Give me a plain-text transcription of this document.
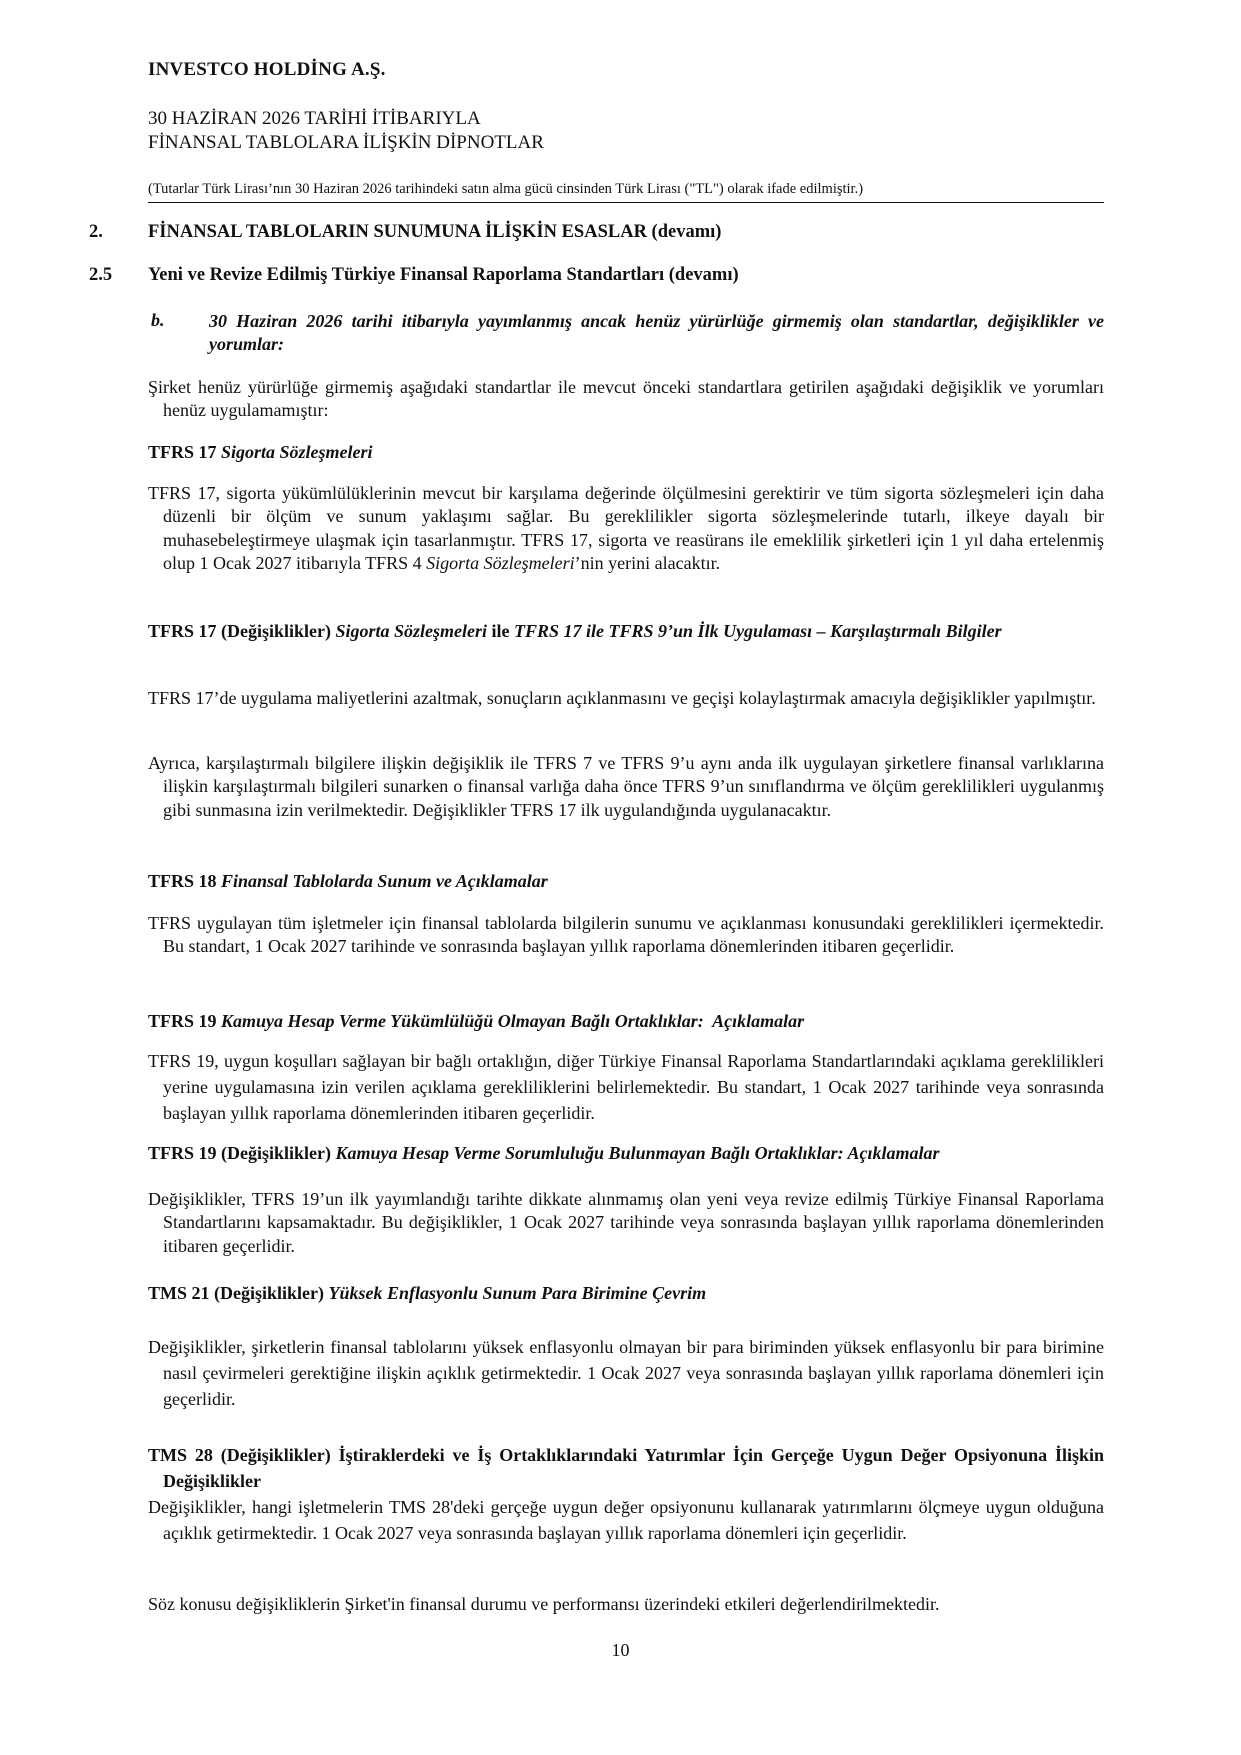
INVESTCO HOLDİNG A.Ş.
30 HAZİRAN 2026 TARİHİ İTİBARIYLA
FİNANSAL TABLOLARA İLİŞKİN DİPNOTLAR
(Tutarlar Türk Lirası’nın 30 Haziran 2026 tarihindeki satın alma gücü cinsinden Türk Lirası ("TL") olarak ifade edilmiştir.)
2. FİNANSAL TABLOLARIN SUNUMUNA İLİŞKİN ESASLAR (devamı)
2.5 Yeni ve Revize Edilmiş Türkiye Finansal Raporlama Standartları (devamı)
b. 30 Haziran 2026 tarihi itibarıyla yayımlanmış ancak henüz yürürlüğe girmemiş olan standartlar, değişiklikler ve yorumlar:
Şirket henüz yürürlüğe girmemiş aşağıdaki standartlar ile mevcut önceki standartlara getirilen aşağıdaki değişiklik ve yorumları henüz uygulamamıştır:
TFRS 17 Sigorta Sözleşmeleri
TFRS 17, sigorta yükümlülüklerinin mevcut bir karşılama değerinde ölçülmesini gerektirir ve tüm sigorta sözleşmeleri için daha düzenli bir ölçüm ve sunum yaklaşımı sağlar. Bu gereklilikler sigorta sözleşmelerinde tutarlı, ilkeye dayalı bir muhasebeleştirmeye ulaşmak için tasarlanmıştır. TFRS 17, sigorta ve reasürans ile emeklilik şirketleri için 1 yıl daha ertelenmiş olup 1 Ocak 2027 itibarıyla TFRS 4 Sigorta Sözleşmeleri’nin yerini alacaktır.
TFRS 17 (Değişiklikler) Sigorta Sözleşmeleri ile TFRS 17 ile TFRS 9’un İlk Uygulaması – Karşılaştırmalı Bilgiler
TFRS 17’de uygulama maliyetlerini azaltmak, sonuçların açıklanmasını ve geçişi kolaylaştırmak amacıyla değişiklikler yapılmıştır.
Ayrıca, karşılaştırmalı bilgilere ilişkin değişiklik ile TFRS 7 ve TFRS 9’u aynı anda ilk uygulayan şirketlere finansal varlıklarına ilişkin karşılaştırmalı bilgileri sunarken o finansal varlığa daha önce TFRS 9’un sınıflandırma ve ölçüm gereklilikleri uygulanmış gibi sunmasına izin verilmektedir. Değişiklikler TFRS 17 ilk uygulandığında uygulanacaktır.
TFRS 18 Finansal Tablolarda Sunum ve Açıklamalar
TFRS uygulayan tüm işletmeler için finansal tablolarda bilgilerin sunumu ve açıklanması konusundaki gereklilikleri içermektedir. Bu standart, 1 Ocak 2027 tarihinde ve sonrasında başlayan yıllık raporlama dönemlerinden itibaren geçerlidir.
TFRS 19 Kamuya Hesap Verme Yükümlülüğü Olmayan Bağlı Ortaklıklar:  Açıklamalar
TFRS 19, uygun koşulları sağlayan bir bağlı ortaklığın, diğer Türkiye Finansal Raporlama Standartlarındaki açıklama gereklilikleri yerine uygulamasına izin verilen açıklama gerekliliklerini belirlemektedir. Bu standart, 1 Ocak 2027 tarihinde veya sonrasında başlayan yıllık raporlama dönemlerinden itibaren geçerlidir.
TFRS 19 (Değişiklikler) Kamuya Hesap Verme Sorumluluğu Bulunmayan Bağlı Ortaklıklar: Açıklamalar
Değişiklikler, TFRS 19’un ilk yayımlandığı tarihte dikkate alınmamış olan yeni veya revize edilmiş Türkiye Finansal Raporlama Standartlarını kapsamaktadır. Bu değişiklikler, 1 Ocak 2027 tarihinde veya sonrasında başlayan yıllık raporlama dönemlerinden itibaren geçerlidir.
TMS 21 (Değişiklikler) Yüksek Enflasyonlu Sunum Para Birimine Çevrim
Değişiklikler, şirketlerin finansal tablolarını yüksek enflasyonlu olmayan bir para biriminden yüksek enflasyonlu bir para birimine nasıl çevirmeleri gerektiğine ilişkin açıklık getirmektedir. 1 Ocak 2027 veya sonrasında başlayan yıllık raporlama dönemleri için geçerlidir.
TMS 28 (Değişiklikler) İştiraklerdeki ve İş Ortaklıklarındaki Yatırımlar İçin Gerçeğe Uygun Değer Opsiyonuna İlişkin Değişiklikler
Değişiklikler, hangi işletmelerin TMS 28'deki gerçeğe uygun değer opsiyonunu kullanarak yatırımlarını ölçmeye uygun olduğuna açıklık getirmektedir. 1 Ocak 2027 veya sonrasında başlayan yıllık raporlama dönemleri için geçerlidir.
Söz konusu değişikliklerin Şirket'in finansal durumu ve performansı üzerindeki etkileri değerlendirilmektedir.
10
